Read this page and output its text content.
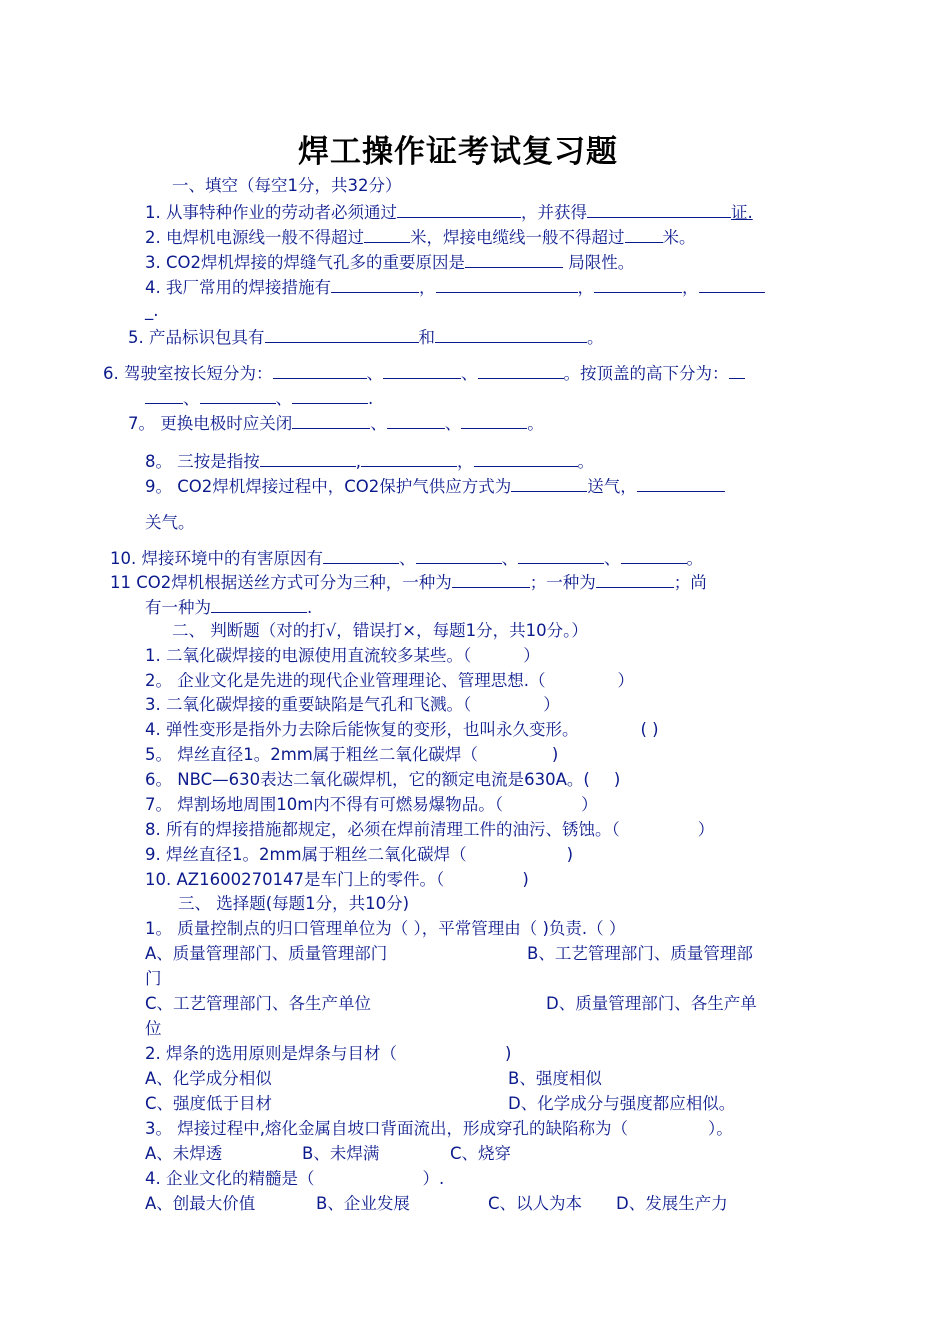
焊工操作证考试复习题
一、填空（每空1分，共32分）
1. 从事特种作业的劳动者必须通过	，并获得	证.
2. 电焊机电源线一般不得超过	米，焊接电缆线一般不得超过 米。
3. CO2焊机焊接的焊缝气孔多的重要原因是	局限性。
4. 我厂常用的焊接措施有	，	，	，
_.
5. 产品标识包具有	和	。
6. 驾驶室按长短分为：	、	、	。按顶盖的高下分为：
、	、	.
7。 更换电极时应关闭	、	、	。
8。 三按是指按	,	，	。
9。 CO2焊机焊接过程中，CO2保护气供应方式为	送气，
关气。
10. 焊接环境中的有害原因有	、	、	、	。
11 CO2焊机根据送丝方式可分为三种，一种为	；一种为	；尚
有一种为	.
二、 判断题（对的打√，错误打×，每题1分，共10分。）
1. 二氧化碳焊接的电源使用直流较多某些。（	）
2。 企业文化是先进的现代企业管理理论、管理思想.（	）
3. 二氧化碳焊接的重要缺陷是气孔和飞溅。（	）
4. 弹性变形是指外力去除后能恢复的变形，也叫永久变形。	( )
5。 焊丝直径1。2mm属于粗丝二氧化碳焊（	)
6。 NBC—630表达二氧化碳焊机，它的额定电流是630A。( )
7。 焊割场地周围10m内不得有可燃易爆物品。（	）
8. 所有的焊接措施都规定，必须在焊前清理工件的油污、锈蚀。（	）
9. 焊丝直径1。2mm属于粗丝二氧化碳焊（	)
10. AZ1600270147是车门上的零件。（	)
三、 选择题(每题1分，共10分)
1。 质量控制点的归口管理单位为（ ），平常管理由（ )负责.（ ）
A、质量管理部门、质量管理部门	B、工艺管理部门、质量管理部
门
C、工艺管理部门、各生产单位	D、质量管理部门、各生产单
位
2. 焊条的选用原则是焊条与目材（	)
A、化学成分相似	B、强度相似
C、强度低于目材	D、化学成分与强度都应相似。
3。 焊接过程中,熔化金属自坡口背面流出，形成穿孔的缺陷称为（	）。
A、未焊透	B、未焊满	C、烧穿
4. 企业文化的精髓是（	）.
A、创最大价值	B、企业发展	C、以人为本 D、发展生产力
